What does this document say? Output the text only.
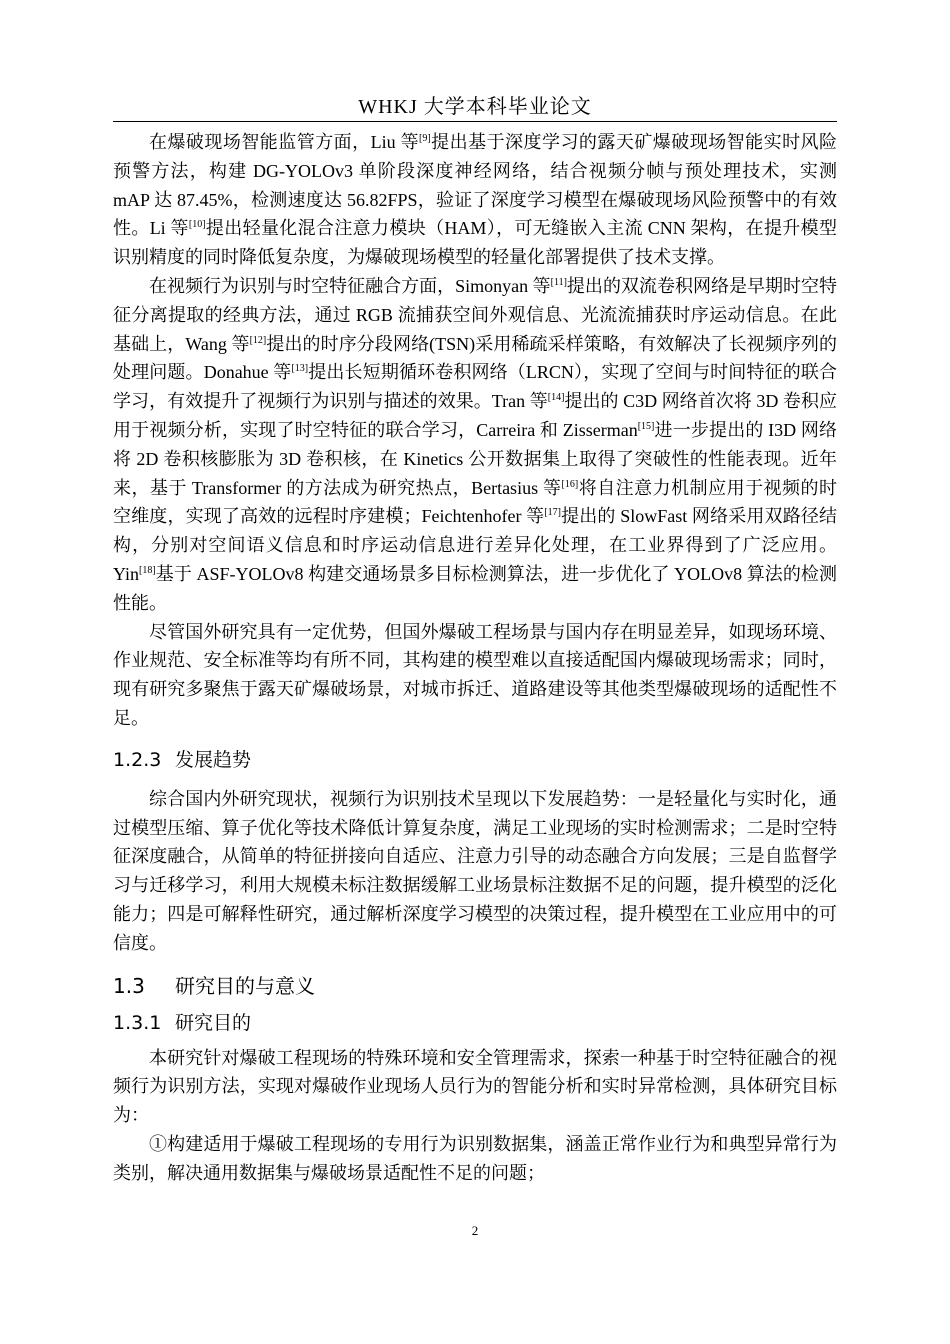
WHKJ 大学本科毕业论文

在爆破现场智能监管方面，Liu 等[9]提出基于深度学习的露天矿爆破现场智能实时风险预警方法，构建 DG-YOLOv3 单阶段深度神经网络，结合视频分帧与预处理技术，实测 mAP 达 87.45%，检测速度达 56.82FPS，验证了深度学习模型在爆破现场风险预警中的有效性。Li 等[10]提出轻量化混合注意力模块（HAM），可无缝嵌入主流 CNN 架构，在提升模型识别精度的同时降低复杂度，为爆破现场模型的轻量化部署提供了技术支撑。

在视频行为识别与时空特征融合方面，Simonyan 等[11]提出的双流卷积网络是早期时空特征分离提取的经典方法，通过 RGB 流捕获空间外观信息、光流流捕获时序运动信息。在此基础上，Wang 等[12]提出的时序分段网络(TSN)采用稀疏采样策略，有效解决了长视频序列的处理问题。Donahue 等[13]提出长短期循环卷积网络（LRCN），实现了空间与时间特征的联合学习，有效提升了视频行为识别与描述的效果。Tran 等[14]提出的 C3D 网络首次将 3D 卷积应用于视频分析，实现了时空特征的联合学习，Carreira 和 Zisserman[15]进一步提出的 I3D 网络将 2D 卷积核膨胀为 3D 卷积核，在 Kinetics 公开数据集上取得了突破性的性能表现。近年来，基于 Transformer 的方法成为研究热点，Bertasius 等[16]将自注意力机制应用于视频的时空维度，实现了高效的远程时序建模；Feichtenhofer 等[17]提出的 SlowFast 网络采用双路径结构，分别对空间语义信息和时序运动信息进行差异化处理，在工业界得到了广泛应用。Yin[18]基于 ASF-YOLOv8 构建交通场景多目标检测算法，进一步优化了 YOLOv8 算法的检测性能。

尽管国外研究具有一定优势，但国外爆破工程场景与国内存在明显差异，如现场环境、作业规范、安全标准等均有所不同，其构建的模型难以直接适配国内爆破现场需求；同时，现有研究多聚焦于露天矿爆破场景，对城市拆迁、道路建设等其他类型爆破现场的适配性不足。

1.2.3 发展趋势

综合国内外研究现状，视频行为识别技术呈现以下发展趋势：一是轻量化与实时化，通过模型压缩、算子优化等技术降低计算复杂度，满足工业现场的实时检测需求；二是时空特征深度融合，从简单的特征拼接向自适应、注意力引导的动态融合方向发展；三是自监督学习与迁移学习，利用大规模未标注数据缓解工业场景标注数据不足的问题，提升模型的泛化能力；四是可解释性研究，通过解析深度学习模型的决策过程，提升模型在工业应用中的可信度。

1.3 研究目的与意义
1.3.1 研究目的

本研究针对爆破工程现场的特殊环境和安全管理需求，探索一种基于时空特征融合的视频行为识别方法，实现对爆破作业现场人员行为的智能分析和实时异常检测，具体研究目标为：

①构建适用于爆破工程现场的专用行为识别数据集，涵盖正常作业行为和典型异常行为类别，解决通用数据集与爆破场景适配性不足的问题；

2
